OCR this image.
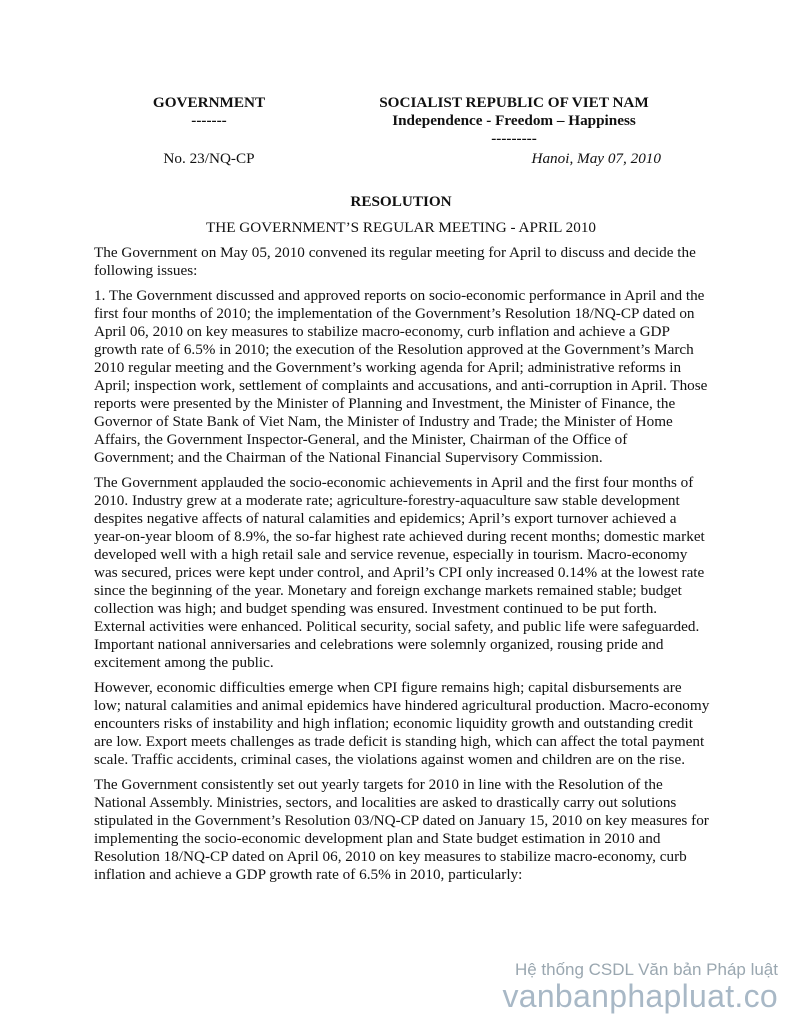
GOVERNMENT
-------
SOCIALIST REPUBLIC OF VIET NAM
Independence - Freedom – Happiness
---------
No. 23/NQ-CP	Hanoi, May 07, 2010
RESOLUTION
THE GOVERNMENT’S REGULAR MEETING - APRIL 2010

The Government on May 05, 2010 convened its regular meeting for April to discuss and decide the following issues:

1. The Government discussed and approved reports on socio-economic performance in April and the first four months of 2010; the implementation of the Government’s Resolution 18/NQ-CP dated on April 06, 2010 on key measures to stabilize macro-economy, curb inflation and achieve a GDP growth rate of 6.5% in 2010; the execution of the Resolution approved at the Government’s March 2010 regular meeting and the Government’s working agenda for April; administrative reforms in April; inspection work, settlement of complaints and accusations, and anti-corruption in April. Those reports were presented by the Minister of Planning and Investment, the Minister of Finance, the Governor of State Bank of Viet Nam, the Minister of Industry and Trade; the Minister of Home Affairs, the Government Inspector-General, and the Minister, Chairman of the Office of Government; and the Chairman of the National Financial Supervisory Commission.

The Government applauded the socio-economic achievements in April and the first four months of 2010. Industry grew at a moderate rate; agriculture-forestry-aquaculture saw stable development despites negative affects of natural calamities and epidemics; April’s export turnover achieved a year-on-year bloom of 8.9%, the so-far highest rate achieved during recent months; domestic market developed well with a high retail sale and service revenue, especially in tourism. Macro-economy was secured, prices were kept under control, and April’s CPI only increased 0.14% at the lowest rate since the beginning of the year. Monetary and foreign exchange markets remained stable; budget collection was high; and budget spending was ensured. Investment continued to be put forth. External activities were enhanced. Political security, social safety, and public life were safeguarded. Important national anniversaries and celebrations were solemnly organized, rousing pride and excitement among the public.

However, economic difficulties emerge when CPI figure remains high; capital disbursements are low; natural calamities and animal epidemics have hindered agricultural production. Macro-economy encounters risks of instability and high inflation; economic liquidity growth and outstanding credit are low. Export meets challenges as trade deficit is standing high, which can affect the total payment scale. Traffic accidents, criminal cases, the violations against women and children are on the rise.

The Government consistently set out yearly targets for 2010 in line with the Resolution of the National Assembly. Ministries, sectors, and localities are asked to drastically carry out solutions stipulated in the Government’s Resolution 03/NQ-CP dated on January 15, 2010 on key measures for implementing the socio-economic development plan and State budget estimation in 2010 and Resolution 18/NQ-CP dated on April 06, 2010 on key measures to stabilize macro-economy, curb inflation and achieve a GDP growth rate of 6.5% in 2010, particularly:

Hệ thống CSDL Văn bản Pháp luật
vanbanphapluat.co
